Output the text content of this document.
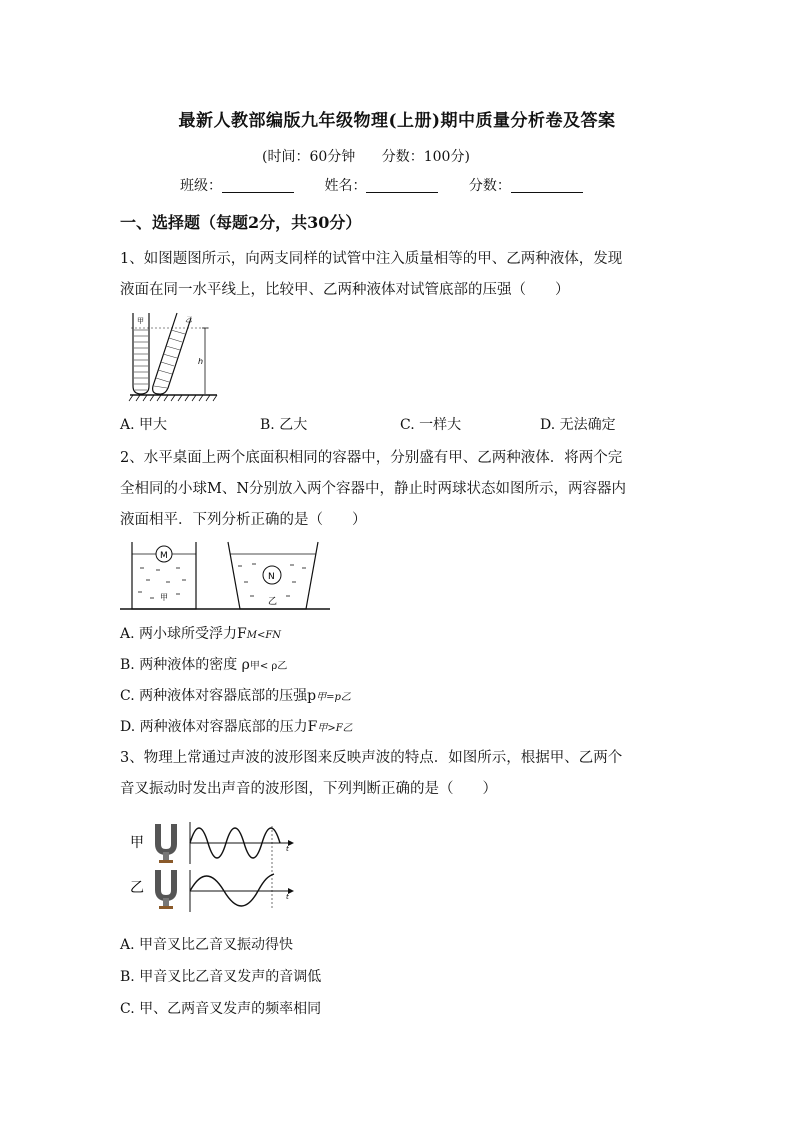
最新人教部编版九年级物理(上册)期中质量分析卷及答案
(时间：60分钟 分数：100分)
班级：	姓名：	分数：
一、选择题（每题2分，共30分）
1、如图题图所示，向两支同样的试管中注入质量相等的甲、乙两种液体，发现
液面在同一水平线上，比较甲、乙两种液体对试管底部的压强（　　）
甲	乙
h
A. 甲大	B. 乙大	C. 一样大	D. 无法确定
2、水平桌面上两个底面积相同的容器中，分别盛有甲、乙两种液体．将两个完
全相同的小球M、N分别放入两个容器中，静止时两球状态如图所示，两容器内
液面相平．下列分析正确的是（　　）
M
甲
N
乙
A. 两小球所受浮力FM<FN
B. 两种液体的密度 ρ甲< ρ乙
C. 两种液体对容器底部的压强p甲=p乙
D. 两种液体对容器底部的压力F甲>F乙
3、物理上常通过声波的波形图来反映声波的特点．如图所示，根据甲、乙两个
音叉振动时发出声音的波形图，下列判断正确的是（　　）
甲
乙
t
t
A. 甲音叉比乙音叉振动得快
B. 甲音叉比乙音叉发声的音调低
C. 甲、乙两音叉发声的频率相同
